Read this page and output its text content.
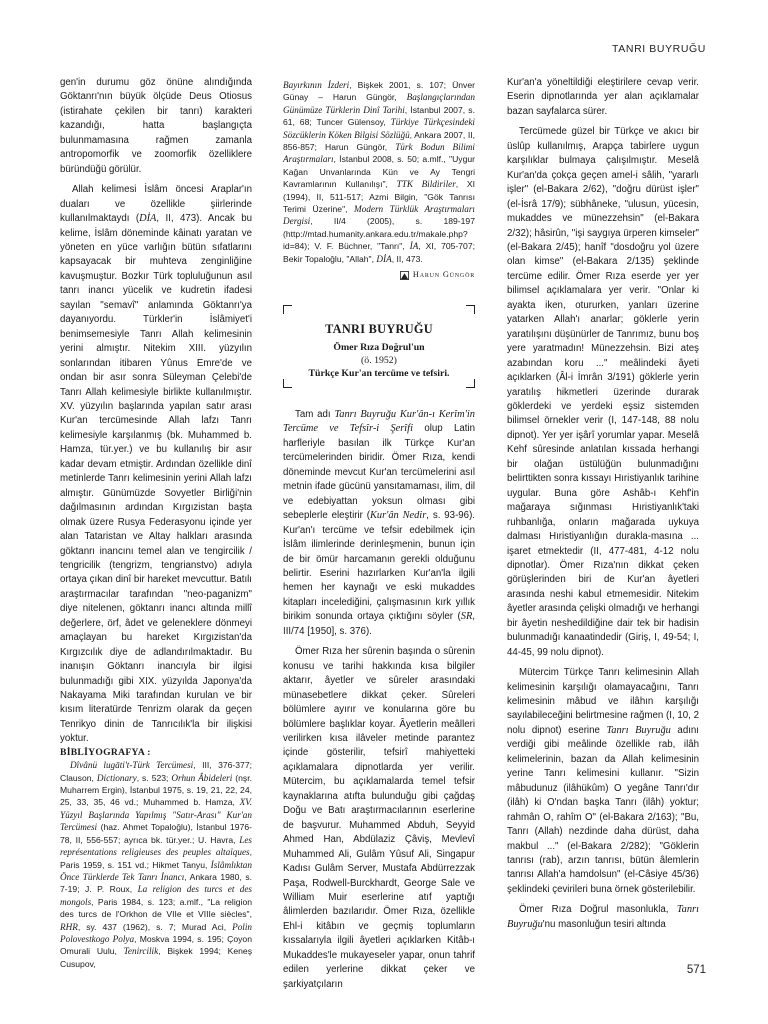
TANRI BUYRUĞU

gen'in durumu göz önüne alındığında Göktanrı'nın büyük ölçüde Deus Otiosus (istirahate çekilen bir tanrı) karakteri kazandığı, hatta başlangıçta bulunmamasına rağmen zamanla antropomorfik ve zoomorfik özelliklere büründüğü görülür.

Allah kelimesi İslâm öncesi Araplar'ın duaları ve özellikle şiirlerinde kullanılmaktaydı (DİA, II, 473). Ancak bu kelime, İslâm döneminde kâinatı yaratan ve yöneten en yüce varlığın bütün sıfatlarını kapsayacak bir muhteva zenginliğine kavuşmuştur. Bozkır Türk topluluğunun asıl tanrı inancı yücelik ve kudretin ifadesi sayılan "semavî" anlamında Göktanrı'ya dayanıyordu. Türkler'in İslâmiyet'i benimsemesiyle Tanrı Allah kelimesinin yerini almıştır. Nitekim XIII. yüzyılın sonlarından itibaren Yûnus Emre'de ve ondan bir asır sonra Süleyman Çelebi'de Tanrı Allah kelimesiyle birlikte kullanılmıştır. XV. yüzyılın başlarında yapılan satır arası Kur'an tercümesinde Allah lafzı Tanrı kelimesiyle karşılanmış (bk. Muhammed b. Hamza, tür.yer.) ve bu kullanılış bir asır kadar devam etmiştir. Ardından özellikle dinî metinlerde Tanrı kelimesinin yerini Allah lafzı almıştır. Günümüzde Sovyetler Birliği'nin dağılmasının ardından Kırgızistan başta olmak üzere Rusya Federasyonu içinde yer alan Tataristan ve Altay halkları arasında göktanrı inancını temel alan ve tengircilik / tengricilik (tengrizm, tengrianstvo) adıyla ortaya çıkan dinî bir hareket mevcuttur. Batılı araştırmacılar tarafından "neo-paganizm" diye nitelenen, göktanrı inancı altında millî değerlere, örf, âdet ve geleneklere dönmeyi amaçlayan bu hareket Kırgızistan'da Kırgızcılık diye de adlandırılmaktadır. Bu inanışın Göktanrı inancıyla bir ilgisi bulunmadığı gibi XIX. yüzyılda Japonya'da Nakayama Miki tarafından kurulan ve bir kısım literatürde Tenrizm olarak da geçen Tenrikyo dinin de Tanrıcılık'la bir ilişkisi yoktur.

BİBLİYOGRAFYA :

Dîvânü lugāti't-Türk Tercümesi, III, 376-377; Clauson, Dictionary, s. 523; Orhun Âbideleri (nşr. Muharrem Ergin), İstanbul 1975, s. 19, 21, 22, 24, 25, 33, 35, 46 vd.; Muhammed b. Hamza, XV. Yüzyıl Başlarında Yapılmış "Satır-Arası" Kur'an Tercümesi (haz. Ahmet Topaloğlu), İstanbul 1976-78, II, 556-557; ayrıca bk. tür.yer.; U. Havra, Les représentations religieuses des peuples altaïques, Paris 1959, s. 151 vd.; Hikmet Tanyu, İslâmlıktan Önce Türklerde Tek Tanrı İnancı, Ankara 1980, s. 7-19; J. P. Roux, La religion des turcs et des mongols, Paris 1984, s. 123; a.mlf., "La religion des turcs de l'Orkhon de VIIe et VIIIe siècles", RHR, sy. 437 (1962), s. 7; Murad Aci, Polin Polovestkogo Polya, Moskva 1994, s. 195; Çoyon Omurali Uulu, Tenircilik, Bişkek 1994; Keneş Cusupov,

Bayırkının İzderi, Bişkek 2001, s. 107; Ünver Günay – Harun Güngör, Başlangıçlarından Günümüze Türklerin Dinî Tarihi, İstanbul 2007, s. 61, 68; Tuncer Gülensoy, Türkiye Türkçesindeki Sözcüklerin Köken Bilgisi Sözlüğü, Ankara 2007, II, 856-857; Harun Güngör, Türk Bodun Bilimi Araştırmaları, İstanbul 2008, s. 50; a.mlf., "Uygur Kağan Unvanlarında Kün ve Ay Tengri Kavramlarının Kullanılışı", TTK Bildiriler, XI (1994), II, 511-517; Azmi Bilgin, "Gök Tanrısı Terimi Üzerine", Modern Türklük Araştırmaları Dergisi, II/4 (2005), s. 189-197 (http://mtad.humanity.ankara.edu.tr/makale.php?id=84); V. F. Büchner, "Tanrı", İA, XI, 705-707; Bekir Topaloğlu, "Allah", DİA, II, 473.

Harun Güngör
TANRI BUYRUĞU
Ömer Rıza Doğrul'un
(ö. 1952)
Türkçe Kur'an tercüme ve tefsiri.

Tam adı Tanrı Buyruğu Kur'ân-ı Kerîm'in Tercüme ve Tefsîr-i Şerîfi olup Latin harfleriyle basılan ilk Türkçe Kur'an tercümelerinden biridir. Ömer Rıza, kendi döneminde mevcut Kur'an tercümelerini asıl metnin ifade gücünü yansıtamaması, ilim, dil ve edebiyattan yoksun olması gibi sebeplerle eleştirir (Kur'ân Nedir, s. 93-96). Kur'an'ı tercüme ve tefsir edebilmek için İslâm ilimlerinde derinleşmenin, bunun için de bir ömür harcamanın gerekli olduğunu belirtir. Eserini hazırlarken Kur'an'la ilgili hemen her kaynağı ve eski mukaddes kitapları incelediğini, çalışmasının kırk yıllık birikim sonunda ortaya çıktığını söyler (SR, III/74 [1950], s. 376).

Ömer Rıza her sûrenin başında o sûrenin konusu ve tarihi hakkında kısa bilgiler aktarır, âyetler ve sûreler arasındaki münasebetlere dikkat çeker. Sûreleri bölümlere ayırır ve konularına göre bu bölümlere başlıklar koyar. Âyetlerin meâlleri verilirken kısa ilâveler metinde parantez içinde gösterilir, tefsirî mahiyetteki açıklamalara dipnotlarda yer verilir. Mütercim, bu açıklamalarda temel tefsir kaynaklarına atıfta bulunduğu gibi çağdaş Doğu ve Batı araştırmacılarının eserlerine de başvurur. Muhammed Abduh, Seyyid Ahmed Han, Abdülaziz Çâviş, Mevlevî Muhammed Ali, Gulâm Yûsuf Ali, Singapur Kadısı Gulâm Server, Mustafa Abdürrezzak Paşa, Rodwell-Burckhardt, George Sale ve William Muir eserlerine atıf yaptığı âlimlerden bazılarıdır. Ömer Rıza, özellikle Ehl-i kitâbın ve geçmiş toplumların kıssalarıyla ilgili âyetleri açıklarken Kitâb-ı Mukaddes'le mukayeseler yapar, onun tahrif edilen yerlerine dikkat çeker ve şarkiyatçıların

Kur'an'a yöneltildiği eleştirilere cevap verir. Eserin dipnotlarında yer alan açıklamalar bazan sayfalarca sürer.

Tercümede güzel bir Türkçe ve akıcı bir üslûp kullanılmış, Arapça tabirlere uygun karşılıklar bulmaya çalışılmıştır. Meselâ Kur'an'da çokça geçen amel-i sâlih, "yararlı işler" (el-Bakara 2/62), "doğru dürüst işler" (el-İsrâ 17/9); sübhâneke, "ulusun, yücesin, mukaddes ve münezzehsin" (el-Bakara 2/32); hâsirûn, "işi saygıya ürperen kimseler" (el-Bakara 2/45); hanîf "dosdoğru yol üzere olan kimse" (el-Bakara 2/135) şeklinde tercüme edilir. Ömer Rıza eserde yer yer bilimsel açıklamalara yer verir. "Onlar ki ayakta iken, otururken, yanları üzerine yatarken Allah'ı anarlar; göklerle yerin yaratılışını düşünürler de Tanrımız, bunu boş yere yaratmadın! Münezzehsin. Bizi ateş azabından koru ..." meâlindeki âyeti açıklarken (Âl-i İmrân 3/191) göklerle yerin yaratılış hikmetleri üzerinde durarak göklerdeki ve yerdeki eşsiz sistemden bilimsel örnekler verir (I, 147-148, 88 nolu dipnot). Yer yer işârî yorumlar yapar. Meselâ Kehf sûresinde anlatılan kıssada herhangi bir olağan üstülüğün bulunmadığını belirttikten sonra kıssayı Hıristiyanlık tarihine uygular. Buna göre Ashâb-ı Kehf'in mağaraya sığınması Hıristiyanlık'taki ruhbanlığa, onların mağarada uykuya dalması Hıristiyanlığın durakla-masına ... işaret etmektedir (II, 477-481, 4-12 nolu dipnotlar). Ömer Rıza'nın dikkat çeken görüşlerinden biri de Kur'an âyetleri arasında neshi kabul etmemesidir. Nitekim âyetler arasında çelişki olmadığı ve herhangi bir âyetin neshedildiğine dair tek bir hadisin bulunmadığı kanaatindedir (Giriş, I, 49-54; I, 44-45, 99 nolu dipnot).

Mütercim Türkçe Tanrı kelimesinin Allah kelimesinin karşılığı olamayacağını, Tanrı kelimesinin mâbud ve ilâhın karşılığı sayılabileceğini belirtmesine rağmen (I, 10, 2 nolu dipnot) eserine Tanrı Buyruğu adını verdiği gibi meâlinde özellikle rab, ilâh kelimelerinin, bazan da Allah kelimesinin yerine Tanrı kelimesini kullanır. "Sizin mâbudunuz (ilâhükûm) O yegâne Tanrı'dır (ilâh) ki O'ndan başka Tanrı (ilâh) yoktur; rahmân O, rahîm O" (el-Bakara 2/163); "Bu, Tanrı (Allah) nezdinde daha dürüst, daha makbul ..." (el-Bakara 2/282); "Göklerin tanrısı (rab), arzın tanrısı, bütün âlemlerin tanrısı Allah'a hamdolsun" (el-Câsiye 45/36) şeklindeki çevirileri buna örnek gösterilebilir.

Ömer Rıza Doğrul masonlukla, Tanrı Buyruğu'nu masonluğun tesiri altında

571
